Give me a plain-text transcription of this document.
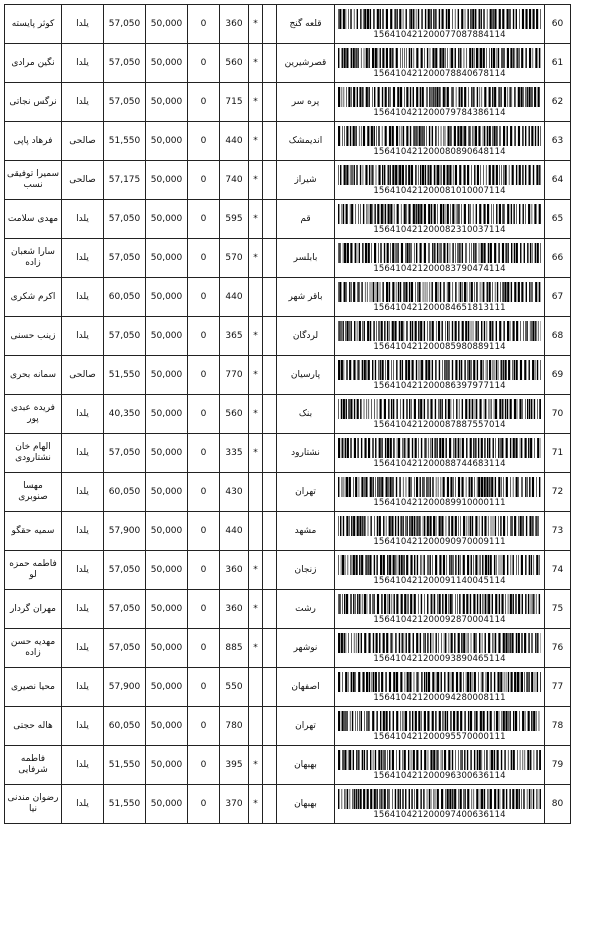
کوثر پایسته	یلدا	57,050	50,000	0	360	*		قلعه گنج	156410421200077087884114	60
نگین مرادی	یلدا	57,050	50,000	0	560	*		قصرشیرین	156410421200078840678114	61
نرگس نجاتی	یلدا	57,050	50,000	0	715	*		پره سر	156410421200079784386114	62
فرهاد پاپی	صالحی	51,550	50,000	0	440	*		اندیمشک	156410421200080890648114	63
سمیرا توفیقی نسب	صالحی	57,175	50,000	0	740	*		شیراز	156410421200081010007114	64
مهدی سلامت	یلدا	57,050	50,000	0	595	*		قم	156410421200082310037114	65
سارا شعبان زاده	یلدا	57,050	50,000	0	570	*		بابلسر	156410421200083790474114	66
اکرم شکری	یلدا	60,050	50,000	0	440			باقر شهر	156410421200084651813111	67
زینب حسنی	یلدا	57,050	50,000	0	365	*		لردگان	156410421200085980889114	68
سمانه بحری	صالحی	51,550	50,000	0	770	*		پارسیان	156410421200086397977114	69
فریده عبدی پور	یلدا	40,350	50,000	0	560	*		بنک	156410421200087887557014	70
الهام خان نشتارودی	یلدا	57,050	50,000	0	335	*		نشتارود	156410421200088744683114	71
مهسا صنوبری	یلدا	60,050	50,000	0	430			تهران	156410421200089910000111	72
سمیه حقگو	یلدا	57,900	50,000	0	440			مشهد	156410421200090970009111	73
فاطمه حمزه لو	یلدا	57,050	50,000	0	360	*		زنجان	156410421200091140045114	74
مهران گردار	یلدا	57,050	50,000	0	360	*		رشت	156410421200092870004114	75
مهدیه حسن زاده	یلدا	57,050	50,000	0	885	*		نوشهر	156410421200093890465114	76
محیا نصیری	یلدا	57,900	50,000	0	550			اصفهان	156410421200094280008111	77
هاله حجتی	یلدا	60,050	50,000	0	780			تهران	156410421200095570000111	78
فاطمه شرفایی	یلدا	51,550	50,000	0	395	*		بهبهان	156410421200096300636114	79
رضوان مندنی نیا	یلدا	51,550	50,000	0	370	*		بهبهان	156410421200097400636114	80
